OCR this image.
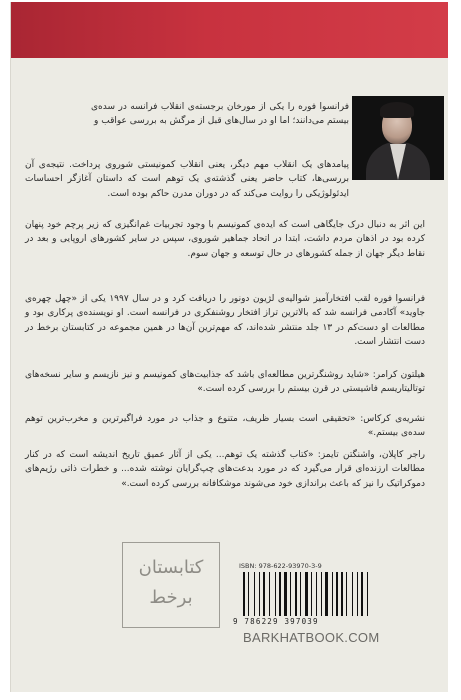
فرانسوا فوره را یکی از مورخان برجسته‌ی انقلاب فرانسه در سده‌ی بیستم می‌دانند؛ اما او در سال‌های قبل از مرگش به بررسی عواقب و
پیامدهای یک انقلاب مهم دیگر، یعنی انقلاب کمونیستی شوروی پرداخت. نتیجه‌ی آن بررسی‌ها، کتاب حاضر یعنی گذشته‌ی یک توهم است که داستان آغازگر احساسات ایدئولوژیکی را روایت می‌کند که در دوران مدرن حاکم بوده است.
این اثر به دنبال درک جایگاهی است که ایده‌ی کمونیسم با وجود تجربیات غم‌انگیزی که زیر پرچم خود پنهان کرده بود در اذهان مردم داشت، ابتدا در اتحاد جماهیر شوروی، سپس در سایر کشورهای اروپایی و بعد در نقاط دیگر جهان از جمله کشورهای در حال توسعه و جهان سوم.
فرانسوا فوره لقب افتخارآمیز شوالیه‌ی لژیون دونور را دریافت کرد و در سال ۱۹۹۷ یکی از «چهل چهره‌ی جاوید» آکادمی فرانسه شد که بالاترین تراز افتخار روشنفکری در فرانسه است. او نویسنده‌ی پرکاری بود و مطالعات او دست‌کم در ۱۳ جلد منتشر شده‌اند، که مهم‌ترین آن‌ها در همین مجموعه در کتابستان برخط در دست انتشار است.
هیلتون کرامر: «شاید روشنگرترین مطالعه‌ای باشد که جذابیت‌های کمونیسم و نیز نازیسم و سایر نسخه‌های توتالیتاریسم فاشیستی در قرن بیستم را بررسی کرده است.»
نشریه‌ی کرکاس: «تحقیقی است بسیار ظریف، متنوع و جذاب در مورد فراگیرترین و مخرب‌ترین توهم سده‌ی بیستم.»
راجر کاپلان، واشنگتن تایمز: «کتاب گذشته یک توهم... یکی از آثار عمیق تاریخ اندیشه است که در کنار مطالعات ارزنده‌ای قرار می‌گیرد که در مورد بدعت‌های چپ‌گرایان نوشته شده... و خطرات ذاتی رژیم‌های دموکراتیک را نیز که باعث برانداز‌ی خود می‌شوند موشکافانه بررسی کرده است.»
کتابستان
برخط
ISBN: 978-622-93970-3-9
9 786229 397039
BARKHATBOOK.COM
